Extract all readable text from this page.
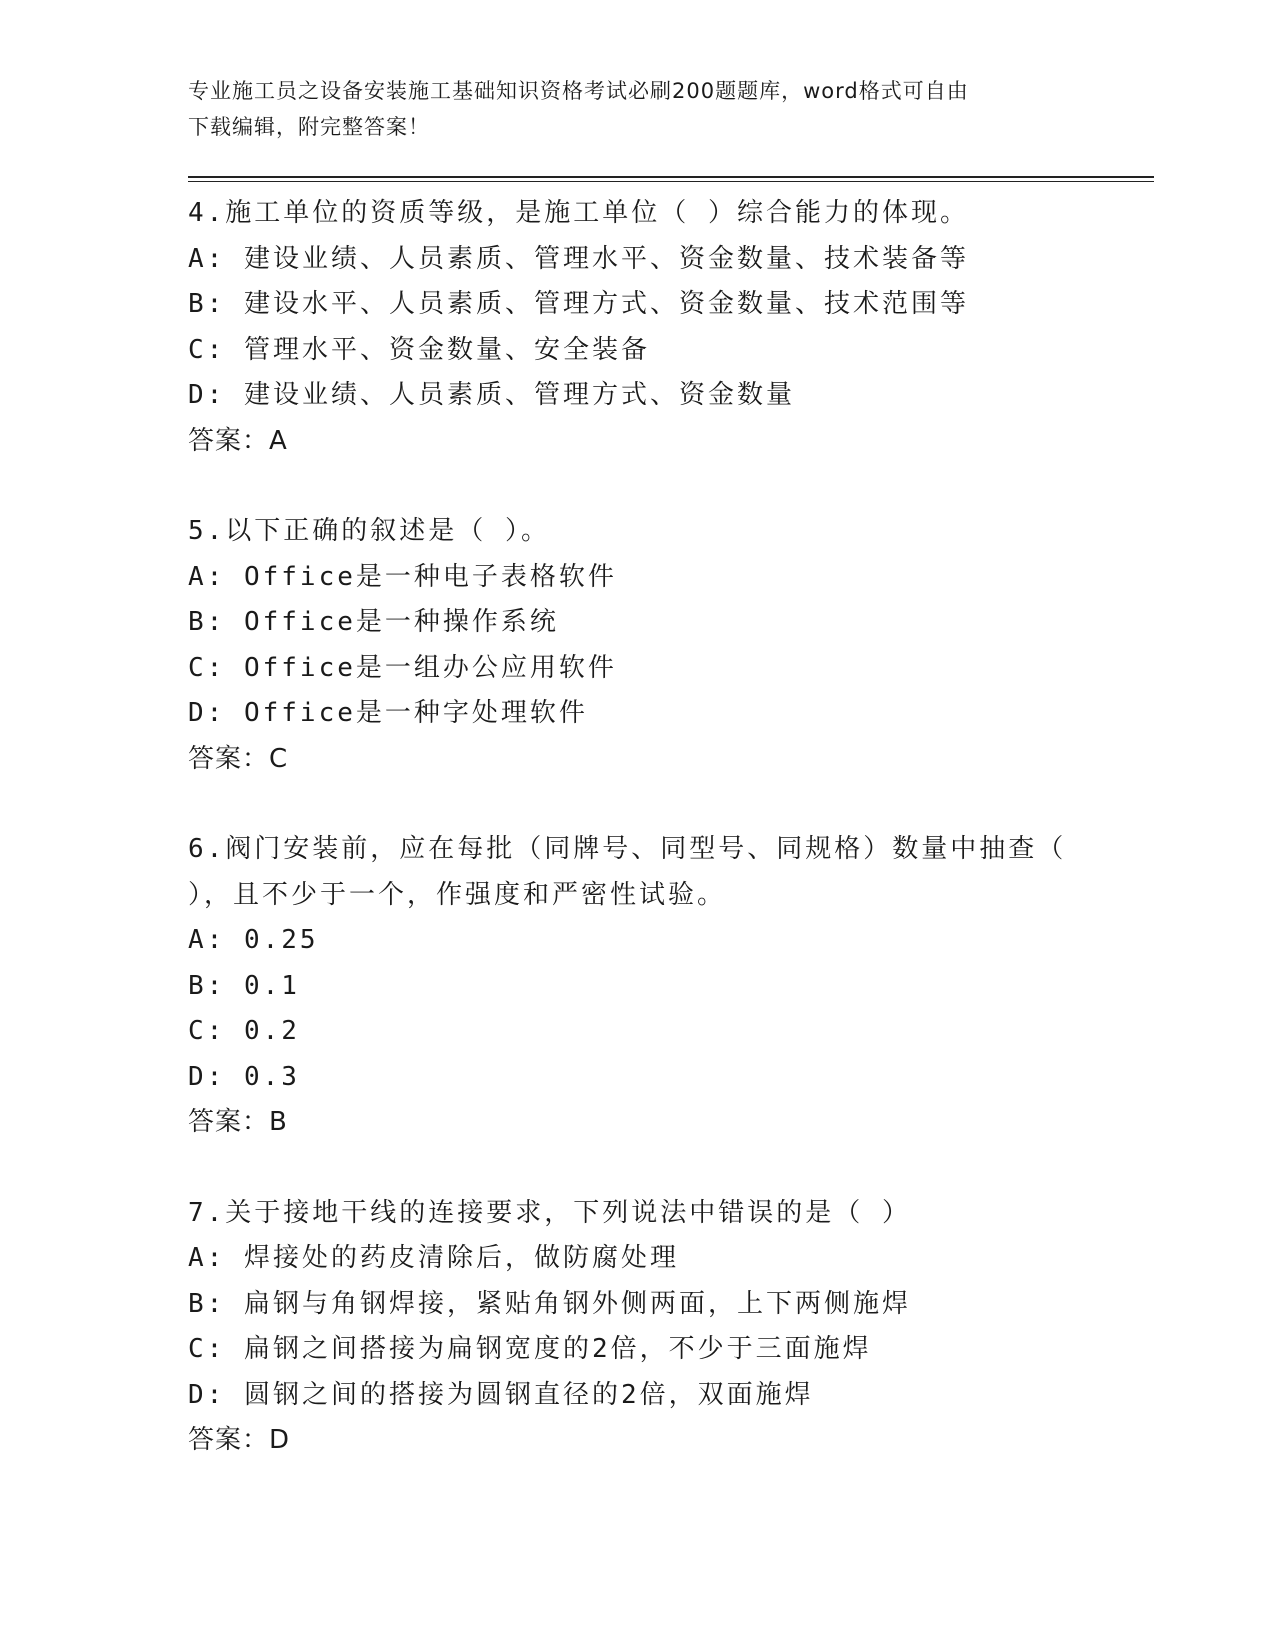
专业施工员之设备安装施工基础知识资格考试必刷200题题库，word格式可自由
下载编辑，附完整答案！
4.施工单位的资质等级，是施工单位（ ）综合能力的体现。
A: 建设业绩、人员素质、管理水平、资金数量、技术装备等
B: 建设水平、人员素质、管理方式、资金数量、技术范围等
C: 管理水平、资金数量、安全装备
D: 建设业绩、人员素质、管理方式、资金数量
答案：A
5.以下正确的叙述是（ ）。
A: Office是一种电子表格软件
B: Office是一种操作系统
C: Office是一组办公应用软件
D: Office是一种字处理软件
答案：C
6.阀门安装前，应在每批（同牌号、同型号、同规格）数量中抽查（
），且不少于一个，作强度和严密性试验。
A: 0.25
B: 0.1
C: 0.2
D: 0.3
答案：B
7.关于接地干线的连接要求，下列说法中错误的是（ ）
A: 焊接处的药皮清除后，做防腐处理
B: 扁钢与角钢焊接，紧贴角钢外侧两面，上下两侧施焊
C: 扁钢之间搭接为扁钢宽度的2倍，不少于三面施焊
D: 圆钢之间的搭接为圆钢直径的2倍，双面施焊
答案：D
